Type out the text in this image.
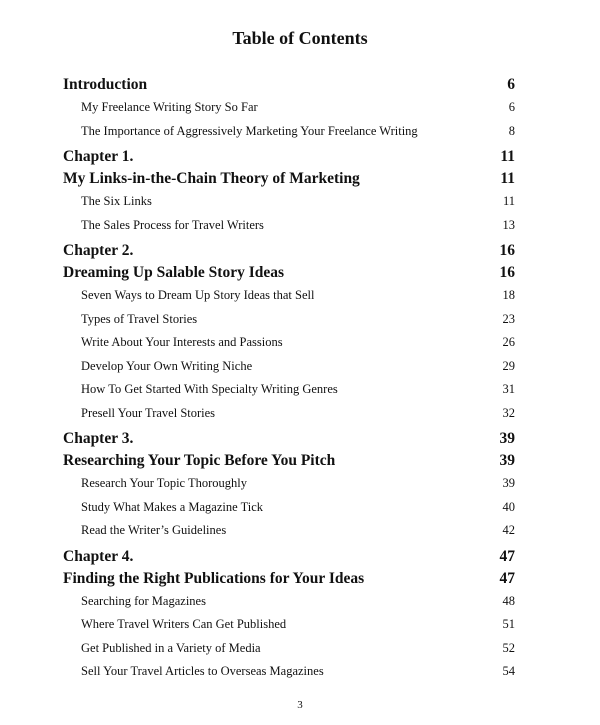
Table of Contents
Introduction	6
My Freelance Writing Story So Far	6
The Importance of Aggressively Marketing Your Freelance Writing	8
Chapter 1.	11
My Links-in-the-Chain Theory of Marketing	11
The Six Links	11
The Sales Process for Travel Writers	13
Chapter 2.	16
Dreaming Up Salable Story Ideas	16
Seven Ways to Dream Up Story Ideas that Sell	18
Types of Travel Stories	23
Write About Your Interests and Passions	26
Develop Your Own Writing Niche	29
How To Get Started With Specialty Writing Genres	31
Presell Your Travel Stories	32
Chapter 3.	39
Researching Your Topic Before You Pitch	39
Research Your Topic Thoroughly	39
Study What Makes a Magazine Tick	40
Read the Writer’s Guidelines	42
Chapter 4.	47
Finding the Right Publications for Your Ideas	47
Searching for Magazines	48
Where Travel Writers Can Get Published	51
Get Published in a Variety of Media	52
Sell Your Travel Articles to Overseas Magazines	54
3
